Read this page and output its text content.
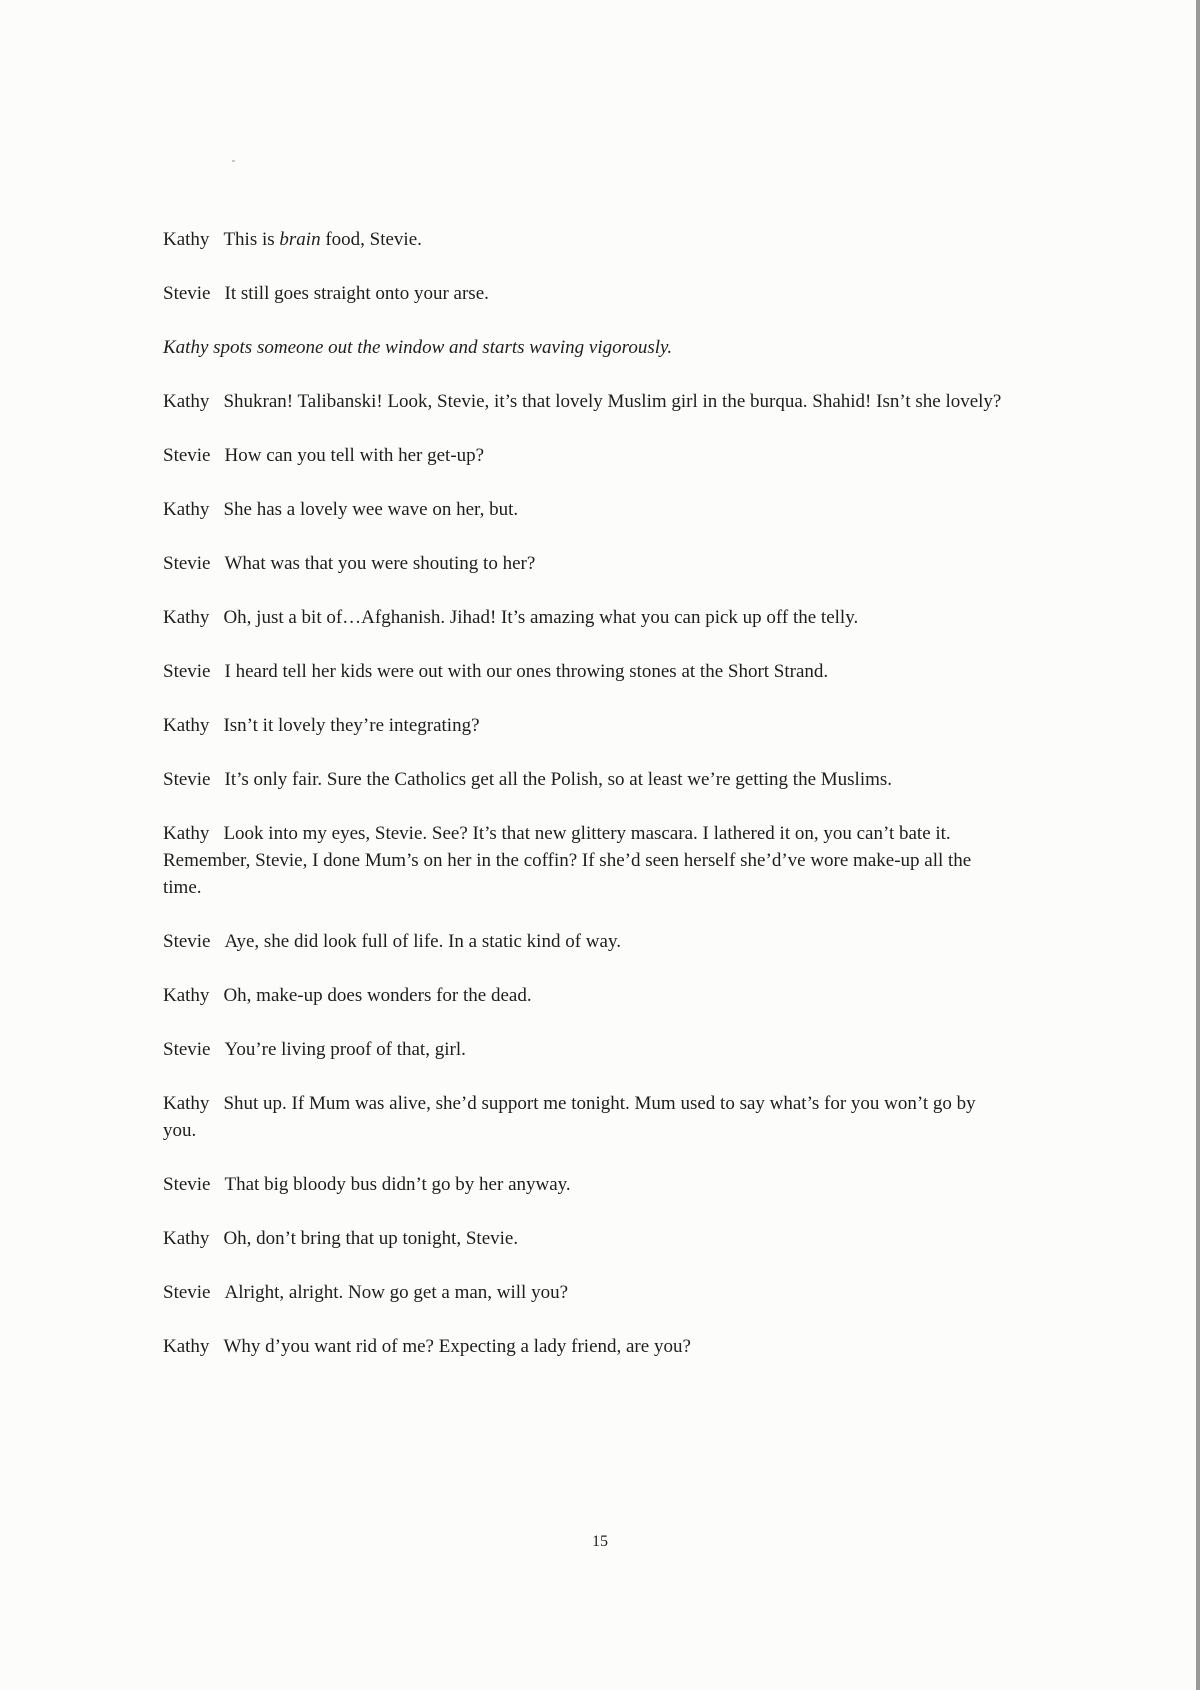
Kathy This is brain food, Stevie.

Stevie It still goes straight onto your arse.

Kathy spots someone out the window and starts waving vigorously.

Kathy Shukran! Talibanski! Look, Stevie, it’s that lovely Muslim girl in the burqua. Shahid! Isn’t she lovely?

Stevie How can you tell with her get-up?

Kathy She has a lovely wee wave on her, but.

Stevie What was that you were shouting to her?

Kathy Oh, just a bit of…Afghanish. Jihad! It’s amazing what you can pick up off the telly.

Stevie I heard tell her kids were out with our ones throwing stones at the Short Strand.

Kathy Isn’t it lovely they’re integrating?

Stevie It’s only fair. Sure the Catholics get all the Polish, so at least we’re getting the Muslims.

Kathy Look into my eyes, Stevie. See? It’s that new glittery mascara. I lathered it on, you can’t bate it. Remember, Stevie, I done Mum’s on her in the coffin? If she’d seen herself she’d’ve wore make-up all the time.

Stevie Aye, she did look full of life. In a static kind of way.

Kathy Oh, make-up does wonders for the dead.

Stevie You’re living proof of that, girl.

Kathy Shut up. If Mum was alive, she’d support me tonight. Mum used to say what’s for you won’t go by you.

Stevie That big bloody bus didn’t go by her anyway.

Kathy Oh, don’t bring that up tonight, Stevie.

Stevie Alright, alright. Now go get a man, will you?

Kathy Why d’you want rid of me? Expecting a lady friend, are you?

15
